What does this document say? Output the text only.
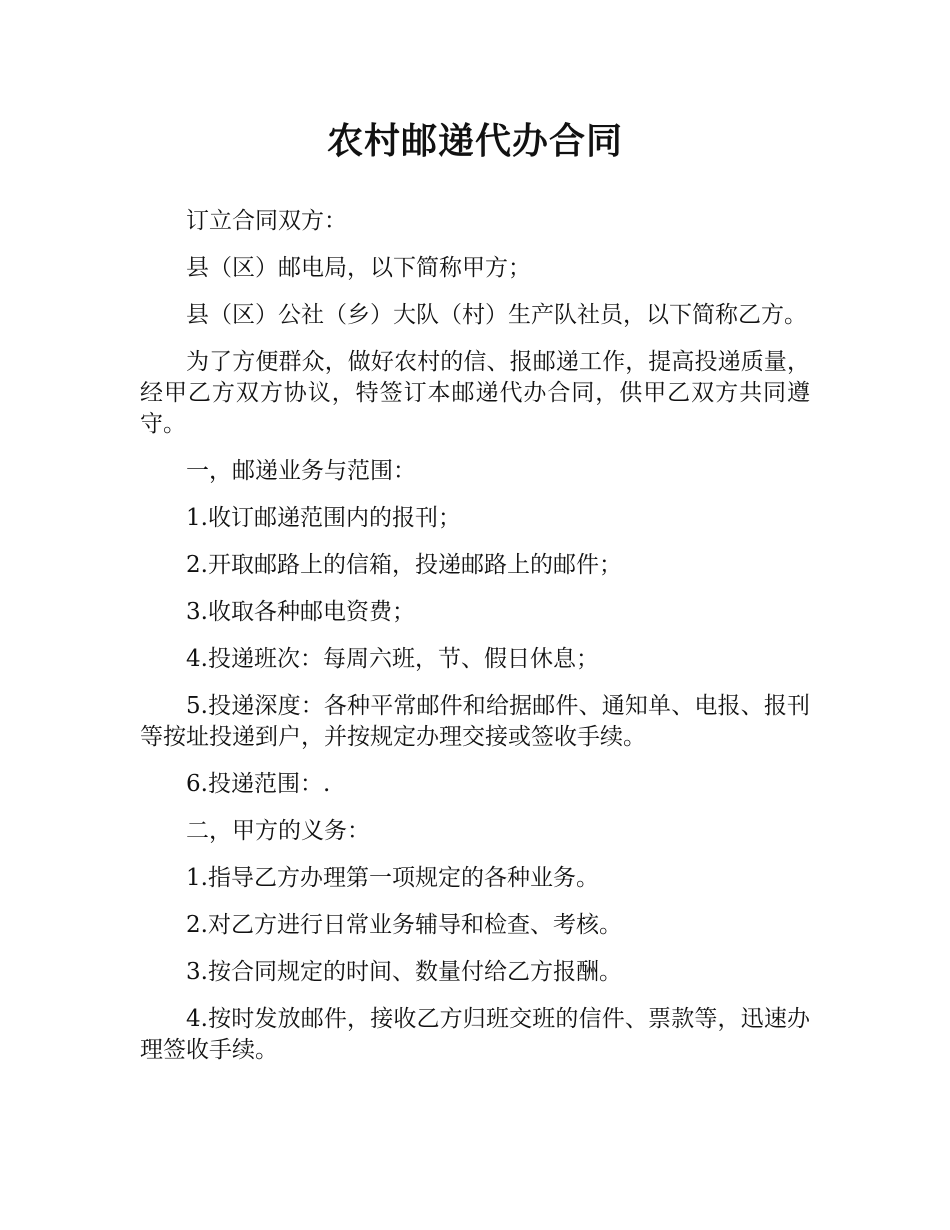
农村邮递代办合同

订立合同双方：

县（区）邮电局，以下简称甲方；

县（区）公社（乡）大队（村）生产队社员，以下简称乙方。

为了方便群众，做好农村的信、报邮递工作，提高投递质量，经甲乙方双方协议，特签订本邮递代办合同，供甲乙双方共同遵守。

一，邮递业务与范围：

1.收订邮递范围内的报刊；

2.开取邮路上的信箱，投递邮路上的邮件；

3.收取各种邮电资费；

4.投递班次：每周六班，节、假日休息；

5.投递深度：各种平常邮件和给据邮件、通知单、电报、报刊等按址投递到户，并按规定办理交接或签收手续。

6.投递范围：.

二，甲方的义务：

1.指导乙方办理第一项规定的各种业务。

2.对乙方进行日常业务辅导和检查、考核。

3.按合同规定的时间、数量付给乙方报酬。

4.按时发放邮件，接收乙方归班交班的信件、票款等，迅速办理签收手续。
